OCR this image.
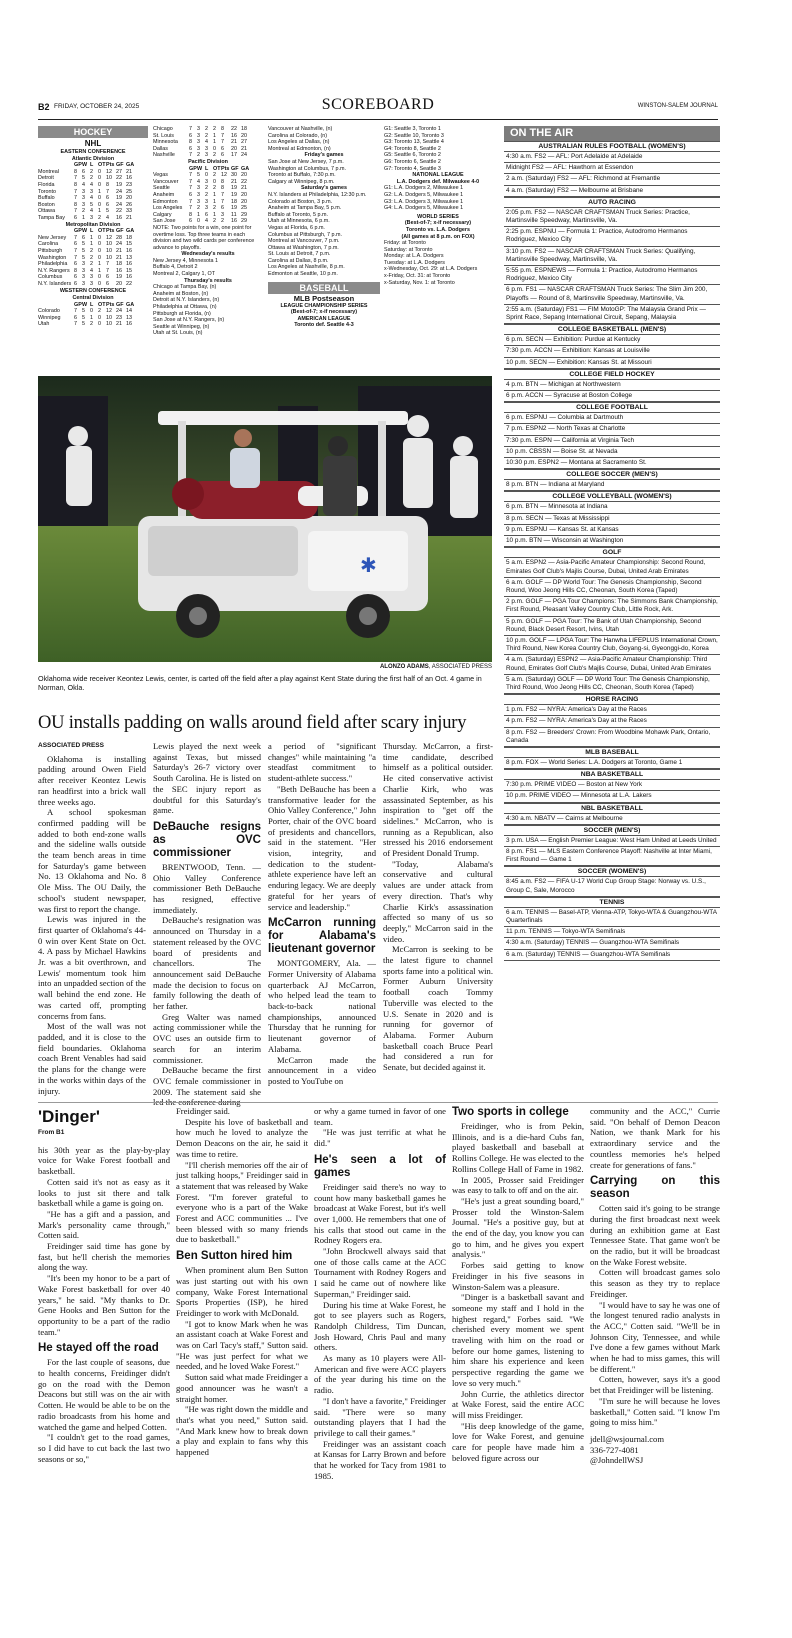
B2 FRIDAY, OCTOBER 24, 2025	SCOREBOARD	WINSTON-SALEM JOURNAL
HOCKEY
NHL
EASTERN CONFERENCE
Atlantic Division
GP W L OT Pts GF GA
Montreal	8 6 2 0 12 27 21
Detroit	7 5 2 0 10 22 16
Florida	8 4 4 0 8	19 23
Toronto	7 3 3 1 7	24 25
Buffalo	7 3 4 0 6	19 20
Boston	8 3 5 0 6	24 26
Ottawa	7 2 4 1 5	22 33
Tampa Bay	6 1 3 2 4	16 21
Metropolitan Division
GP W L OT Pts GF GA
New Jersey	7 6 1 0 12 28 18
Carolina	6 5 1 0 10 24 15
Pittsburgh	7 5 2 0 10 21 16
Washington	7 5 2 0 10 21 13
Philadelphia	6 3 2 1 7	18 16
N.Y. Rangers 8 3 4 1 7	16 15
Columbus	6 3 3 0 6	19 16
N.Y. Islanders 6 3 3 0 6	20 22
WESTERN CONFERENCE
Central Division
GP W L OT Pts GF GA
Colorado	7 5 0 2 12 24 14
Winnipeg	6 5 1 0 10 23 13
Utah	7 5 2 0 10 21 16
Chicago	7 3 2 2 8	22 18
St. Louis	6 3 2 1 7	16 20
Minnesota	8 3 4 1 7	21 27
Dallas	6 3 3 0 6	20 21
Nashville	7 2 3 2 6	17 24
Pacific Division
GP W L OT Pts GF GA
Vegas	7 5 0 2 12 30 20
Vancouver	7 4 3 0 8	21 22
Seattle	7 3 2 2 8	19 21
Anaheim	6 3 2 1 7	19 20
Edmonton	7 3 3 1 7	18 20
Los Angeles	7 2 3 2 6	19 25
Calgary	8 1 6 1 3	11 29
San Jose	6 0 4 2 2	16 29
NOTE: Two points for a win, one point for overtime loss. Top three teams in each division and two wild cards per conference advance to playoffs.
Wednesday's results
New Jersey 4, Minnesota 1
Buffalo 4, Detroit 2
Montreal 2, Calgary 1, OT
Thursday's results
Chicago at Tampa Bay, (n)
Anaheim at Boston, (n)
Detroit at N.Y. Islanders, (n)
Philadelphia at Ottawa, (n)
Pittsburgh at Florida, (n)
San Jose at N.Y. Rangers, (n)
Seattle at Winnipeg, (n)
Utah at St. Louis, (n)
Vancouver at Nashville, (n)
Carolina at Colorado, (n)
Los Angeles at Dallas, (n)
Montreal at Edmonton, (n)
Friday's games
San Jose at New Jersey, 7 p.m.
Washington at Columbus, 7 p.m.
Toronto at Buffalo, 7:30 p.m.
Calgary at Winnipeg, 8 p.m.
Saturday's games
N.Y. Islanders at Philadelphia, 12:30 p.m.
Colorado at Boston, 3 p.m.
Anaheim at Tampa Bay, 5 p.m.
Buffalo at Toronto, 5 p.m.
Utah at Minnesota, 6 p.m.
Vegas at Florida, 6 p.m.
Columbus at Pittsburgh, 7 p.m.
Montreal at Vancouver, 7 p.m.
Ottawa at Washington, 7 p.m.
St. Louis at Detroit, 7 p.m.
Carolina at Dallas, 8 p.m.
Los Angeles at Nashville, 8 p.m.
Edmonton at Seattle, 10 p.m.
BASEBALL
MLB Postseason
LEAGUE CHAMPIONSHIP SERIES
(Best-of-7; x-if necessary)
AMERICAN LEAGUE
Toronto def. Seattle 4-3
G1: Seattle 3, Toronto 1
G2: Seattle 10, Toronto 3
G3: Toronto 13, Seattle 4
G4: Toronto 8, Seattle 2
G5: Seattle 6, Toronto 2
G6: Toronto 6, Seattle 2
G7: Toronto 4, Seattle 3
NATIONAL LEAGUE
L.A. Dodgers def. Milwaukee 4-0
G1: L.A. Dodgers 2, Milwaukee 1
G2: L.A. Dodgers 5, Milwaukee 1
G3: L.A. Dodgers 3, Milwaukee 1
G4: L.A. Dodgers 5, Milwaukee 1
WORLD SERIES
(Best-of-7; x-if necessary)
Toronto vs. L.A. Dodgers
(All games at 8 p.m. on FOX)
Friday: at Toronto
Saturday: at Toronto
Monday: at L.A. Dodgers
Tuesday: at L.A. Dodgers
x-Wednesday, Oct. 29: at L.A. Dodgers
x-Friday, Oct. 31: at Toronto
x-Saturday, Nov. 1: at Toronto
✱
ALONZO ADAMS, ASSOCIATED PRESS
Oklahoma wide receiver Keontez Lewis, center, is carted off the field after a play against Kent State during the first half of an Oct. 4 game in Norman, Okla.
OU installs padding on walls around field after scary injury
ASSOCIATED PRESS

Oklahoma is installing padding around Owen Field after receiver Keontez Lewis ran headfirst into a brick wall three weeks ago.

A school spokesman confirmed padding will be added to both end-zone walls and the sideline walls outside the team bench areas in time for Saturday's game between No. 13 Oklahoma and No. 8 Ole Miss. The OU Daily, the school's student newspaper, was first to report the change.

Lewis was injured in the first quarter of Oklahoma's 44-0 win over Kent State on Oct. 4. A pass by Michael Hawkins Jr. was a bit overthrown, and Lewis' momentum took him into an unpadded section of the wall behind the end zone. He was carted off, prompting concerns from fans.

Most of the wall was not padded, and it is close to the field boundaries. Oklahoma coach Brent Venables had said the plans for the change were in the works within days of the injury.

Lewis played the next week against Texas, but missed Saturday's 26-7 victory over South Carolina. He is listed on the SEC injury report as doubtful for this Saturday's game.

DeBauche resigns as OVC commissioner

BRENTWOOD, Tenn. — Ohio Valley Conference commissioner Beth DeBauche has resigned, effective immediately.

DeBauche's resignation was announced on Thursday in a statement released by the OVC board of presidents and chancellors. The announcement said DeBauche made the decision to focus on family following the death of her father.

Greg Walter was named acting commissioner while the OVC uses an outside firm to search for an interim commissioner.

DeBauche became the first OVC female commissioner in 2009. The statement said she led the conference during

a period of "significant changes" while maintaining "a steadfast commitment to student-athlete success."

"Beth DeBauche has been a transformative leader for the Ohio Valley Conference," John Porter, chair of the OVC board of presidents and chancellors, said in the statement. "Her vision, integrity, and dedication to the student-athlete experience have left an enduring legacy. We are deeply grateful for her years of service and leadership."

McCarron running for Alabama's lieutenant governor

MONTGOMERY, Ala. — Former University of Alabama quarterback AJ McCarron, who helped lead the team to back-to-back national championships, announced Thursday that he running for lieutenant governor of Alabama.

McCarron made the announcement in a video posted to YouTube on

Thursday. McCarron, a first-time candidate, described himself as a political outsider. He cited conservative activist Charlie Kirk, who was assassinated September, as his inspiration to "get off the sidelines." McCarron, who is running as a Republican, also stressed his 2016 endorsement of President Donald Trump.

"Today, Alabama's conservative and cultural values are under attack from every direction. That's why Charlie Kirk's assassination affected so many of us so deeply," McCarron said in the video.

McCarron is seeking to be the latest figure to channel sports fame into a political win. Former Auburn University football coach Tommy Tuberville was elected to the U.S. Senate in 2020 and is running for governor of Alabama. Former Auburn basketball coach Bruce Pearl had considered a run for Senate, but decided against it.

ON THE AIR
AUSTRALIAN RULES FOOTBALL (WOMEN'S)
4:30 a.m. FS2 — AFL: Port Adelaide at Adelaide
Midnight FS2 — AFL: Hawthorn at Essendon
2 a.m. (Saturday) FS2 — AFL: Richmond at Fremantle
4 a.m. (Saturday) FS2 — Melbourne at Brisbane
AUTO RACING
2:05 p.m. FS2 — NASCAR CRAFTSMAN Truck Series: Practice, Martinsville Speedway, Martinsville, Va.
2:25 p.m. ESPNU — Formula 1: Practice, Autodromo Hermanos Rodriguez, Mexico City
3:10 p.m. FS2 — NASCAR CRAFTSMAN Truck Series: Qualifying, Martinsville Speedway, Martinsville, Va.
5:55 p.m. ESPNEWS — Formula 1: Practice, Autodromo Hermanos Rodriguez, Mexico City
6 p.m. FS1 — NASCAR CRAFTSMAN Truck Series: The Slim Jim 200, Playoffs — Round of 8, Martinsville Speedway, Martinsville, Va.
2:55 a.m. (Saturday) FS1 — FIM MotoGP: The Malaysia Grand Prix — Sprint Race, Sepang International Circuit, Sepang, Malaysia
COLLEGE BASKETBALL (MEN'S)
6 p.m. SECN — Exhibition: Purdue at Kentucky
7:30 p.m. ACCN — Exhibition: Kansas at Louisville
10 p.m. SECN — Exhibition: Kansas St. at Missouri
COLLEGE FIELD HOCKEY
4 p.m. BTN — Michigan at Northwestern
6 p.m. ACCN — Syracuse at Boston College
COLLEGE FOOTBALL
6 p.m. ESPNU — Columbia at Dartmouth
7 p.m. ESPN2 — North Texas at Charlotte
7:30 p.m. ESPN — California at Virginia Tech
10 p.m. CBSSN — Boise St. at Nevada
10:30 p.m. ESPN2 — Montana at Sacramento St.
COLLEGE SOCCER (MEN'S)
8 p.m. BTN — Indiana at Maryland
COLLEGE VOLLEYBALL (WOMEN'S)
6 p.m. BTN — Minnesota at Indiana
8 p.m. SECN — Texas at Mississippi
9 p.m. ESPNU — Kansas St. at Kansas
10 p.m. BTN — Wisconsin at Washington
GOLF
5 a.m. ESPN2 — Asia-Pacific Amateur Championship: Second Round, Emirates Golf Club's Majlis Course, Dubai, United Arab Emirates
6 a.m. GOLF — DP World Tour: The Genesis Championship, Second Round, Woo Jeong Hills CC, Cheonan, South Korea (Taped)
2 p.m. GOLF — PGA Tour Champions: The Simmons Bank Championship, First Round, Pleasant Valley Country Club, Little Rock, Ark.
5 p.m. GOLF — PGA Tour: The Bank of Utah Championship, Second Round, Black Desert Resort, Ivins, Utah
10 p.m. GOLF — LPGA Tour: The Hanwha LIFEPLUS International Crown, Third Round, New Korea Country Club, Goyang-si, Gyeonggi-do, Korea
4 a.m. (Saturday) ESPN2 — Asia-Pacific Amateur Championship: Third Round, Emirates Golf Club's Majlis Course, Dubai, United Arab Emirates
5 a.m. (Saturday) GOLF — DP World Tour: The Genesis Championship, Third Round, Woo Jeong Hills CC, Cheonan, South Korea (Taped)
HORSE RACING
1 p.m. FS2 — NYRA: America's Day at the Races
4 p.m. FS2 — NYRA: America's Day at the Races
8 p.m. FS2 — Breeders' Crown: From Woodbine Mohawk Park, Ontario, Canada
MLB BASEBALL
8 p.m. FOX — World Series: L.A. Dodgers at Toronto, Game 1
NBA BASKETBALL
7:30 p.m. PRIME VIDEO — Boston at New York
10 p.m. PRIME VIDEO — Minnesota at L.A. Lakers
NBL BASKETBALL
4:30 a.m. NBATV — Cairns at Melbourne
SOCCER (MEN'S)
3 p.m. USA — English Premier League: West Ham United at Leeds United
8 p.m. FS1 — MLS Eastern Conference Playoff: Nashville at Inter Miami, First Round — Game 1
SOCCER (WOMEN'S)
8:45 a.m. FS2 — FIFA U-17 World Cup Group Stage: Norway vs. U.S., Group C, Sale, Morocco
TENNIS
6 a.m. TENNIS — Basel-ATP, Vienna-ATP, Tokyo-WTA & Guangzhou-WTA Quarterfinals
11 p.m. TENNIS — Tokyo-WTA Semifinals
4:30 a.m. (Saturday) TENNIS — Guangzhou-WTA Semifinals
6 a.m. (Saturday) TENNIS — Guangzhou-WTA Semifinals
'Dinger'
From B1

his 30th year as the play-by-play voice for Wake Forest football and basketball.

Cotten said it's not as easy as it looks to just sit there and talk basketball while a game is going on.

"He has a gift and a passion, and Mark's personality came through," Cotten said.

Freidinger said time has gone by fast, but he'll cherish the memories along the way.

"It's been my honor to be a part of Wake Forest basketball for over 40 years," he said. "My thanks to Dr. Gene Hooks and Ben Sutton for the opportunity to be a part of the radio team."

He stayed off the road

For the last couple of seasons, due to health concerns, Freidinger didn't go on the road with the Demon Deacons but still was on the air with Cotten. He would be able to be on the radio broadcasts from his home and watched the game and helped Cotten.

"I couldn't get to the road games, so I did have to cut back the last two seasons or so,"

Freidinger said.

Despite his love of basketball and how much he loved to analyze the Demon Deacons on the air, he said it was time to retire.

"I'll cherish memories off the air of just talking hoops," Freidinger said in a statement that was released by Wake Forest. "I'm forever grateful to everyone who is a part of the Wake Forest and ACC communities ... I've been blessed with so many friends due to basketball."

Ben Sutton hired him

When prominent alum Ben Sutton was just starting out with his own company, Wake Forest International Sports Properties (ISP), he hired Freidinger to work with McDonald.

"I got to know Mark when he was an assistant coach at Wake Forest and was on Carl Tacy's staff," Sutton said. "He was just perfect for what we needed, and he loved Wake Forest."

Sutton said what made Freidinger a good announcer was he wasn't a straight homer.

"He was right down the middle and that's what you need," Sutton said. "And Mark knew how to break down a play and explain to fans why this happened

or why a game turned in favor of one team.

"He was just terrific at what he did."

He's seen a lot of games

Freidinger said there's no way to count how many basketball games he broadcast at Wake Forest, but it's well over 1,000. He remembers that one of his calls that stood out came in the Rodney Rogers era.

"John Brockwell always said that one of those calls came at the ACC Tournament with Rodney Rogers and I said he came out of nowhere like Superman," Freidinger said.

During his time at Wake Forest, he got to see players such as Rogers, Randolph Childress, Tim Duncan, Josh Howard, Chris Paul and many others.

As many as 10 players were All-American and five were ACC players of the year during his time on the radio.

"I don't have a favorite," Freidinger said. "There were so many outstanding players that I had the privilege to call their games."

Freidinger was an assistant coach at Kansas for Larry Brown and before that he worked for Tacy from 1981 to 1985.

Two sports in college

Freidinger, who is from Pekin, Illinois, and is a die-hard Cubs fan, played basketball and baseball at Rollins College. He was elected to the Rollins College Hall of Fame in 1982.

In 2005, Prosser said Freidinger was easy to talk to off and on the air.

"He's just a great sounding board," Prosser told the Winston-Salem Journal. "He's a positive guy, but at the end of the day, you know you can go to him, and he gives you expert analysis."

Forbes said getting to know Freidinger in his five seasons in Winston-Salem was a pleasure.

"Dinger is a basketball savant and someone my staff and I hold in the highest regard," Forbes said. "We cherished every moment we spent traveling with him on the road or before our home games, listening to him share his experience and keen perspective regarding the game we love so very much."

John Currie, the athletics director at Wake Forest, said the entire ACC will miss Freidinger.

"His deep knowledge of the game, love for Wake Forest, and genuine care for people have made him a beloved figure across our

community and the ACC," Currie said. "On behalf of Demon Deacon Nation, we thank Mark for his extraordinary service and the countless memories he's helped create for generations of fans."

Carrying on this season

Cotten said it's going to be strange during the first broadcast next week during an exhibition game at East Tennessee State. That game won't be on the radio, but it will be broadcast on the Wake Forest website.

Cotten will broadcast games solo this season as they try to replace Freidinger.

"I would have to say he was one of the longest tenured radio analysts in the ACC," Cotten said. "We'll be in Johnson City, Tennessee, and while I've done a few games without Mark when he had to miss games, this will be different."

Cotten, however, says it's a good bet that Freidinger will be listening.

"I'm sure he will because he loves basketball," Cotten said. "I know I'm going to miss him."

jdell@wsjournal.com
336-727-4081
@JohndellWSJ
